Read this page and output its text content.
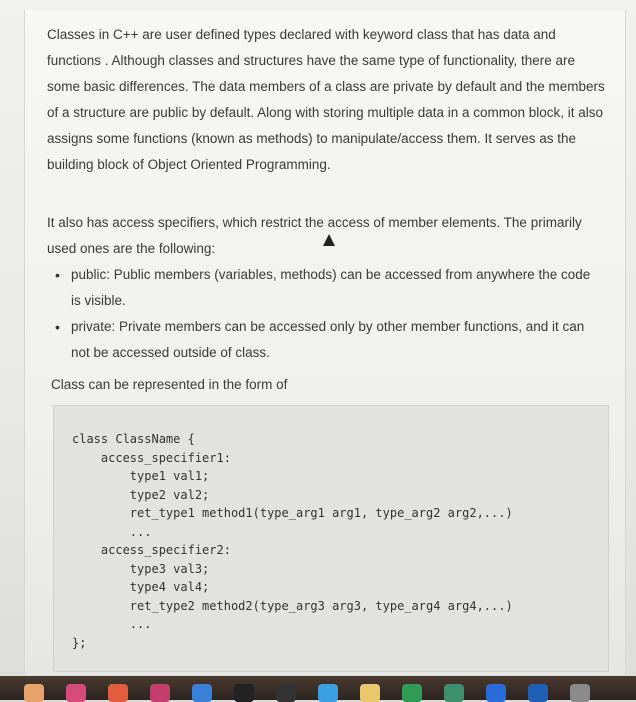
Classes in C++ are user defined types declared with keyword class that has data and functions . Although classes and structures have the same type of functionality, there are some basic differences. The data members of a class are private by default and the members of a structure are public by default. Along with storing multiple data in a common block, it also assigns some functions (known as methods) to manipulate/access them. It serves as the building block of Object Oriented Programming.

It also has access specifiers, which restrict the access of member elements. The primarily used ones are the following:

• public: Public members (variables, methods) can be accessed from anywhere the code is visible.
• private: Private members can be accessed only by other member functions, and it can not be accessed outside of class.

Class can be represented in the form of

class ClassName {
access_specifier1:
type1 val1;
type2 val2;
ret_type1 method1(type_arg1 arg1, type_arg2 arg2,...)
...
access_specifier2:
type3 val3;
type4 val4;
ret_type2 method2(type_arg3 arg3, type_arg4 arg4,...)
...
};
